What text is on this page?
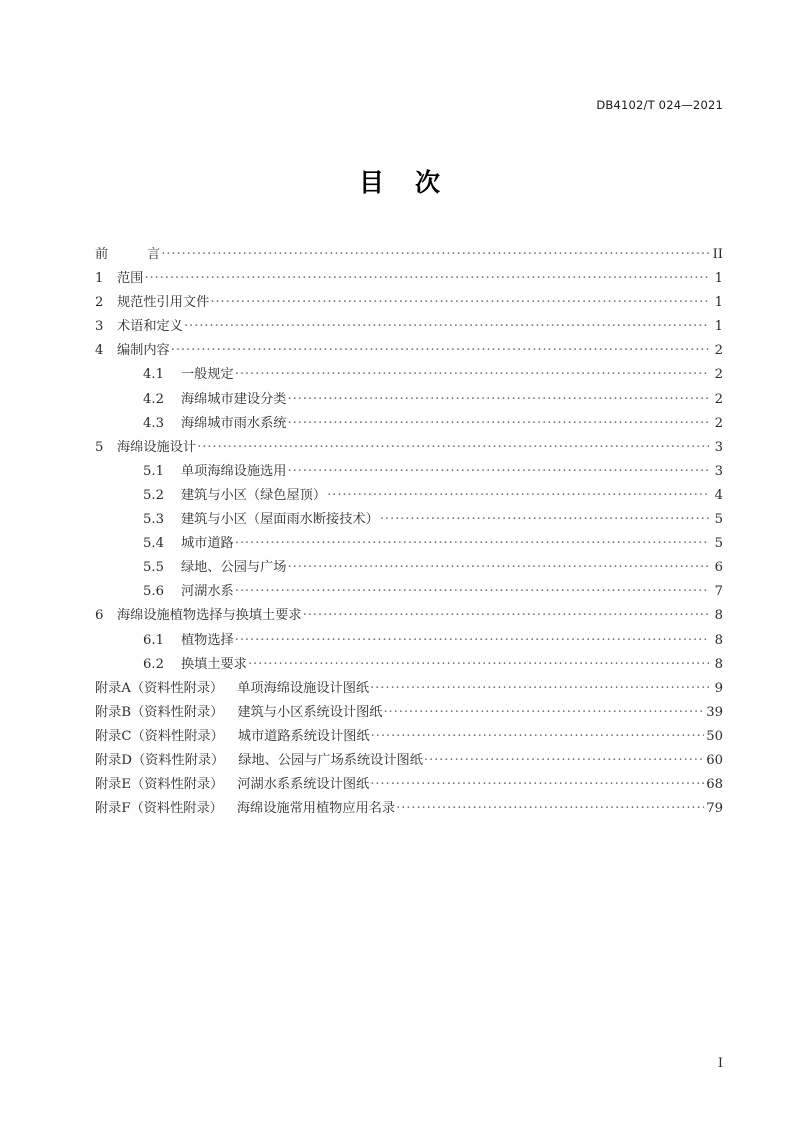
DB4102/T 024—2021
目 次
前	言 .....	II
1	范围 .....	1
2	规范性引用文件 .....	1
3	术语和定义 .....	1
4	编制内容 .....	2
4.1	一般规定 .....	2
4.2	海绵城市建设分类 .....	2
4.3	海绵城市雨水系统 .....	2
5	海绵设施设计 .....	3
5.1	单项海绵设施选用 .....	3
5.2	建筑与小区（绿色屋顶） .....	4
5.3	建筑与小区（屋面雨水断接技术） .....	5
5.4	城市道路 .....	5
5.5	绿地、公园与广场 .....	6
5.6	河湖水系 .....	7
6	海绵设施植物选择与换填土要求 .....	8
6.1	植物选择 .....	8
6.2	换填土要求 .....	8
附录A（资料性附录） 单项海绵设施设计图纸 .....	9
附录B（资料性附录） 建筑与小区系统设计图纸 .....	39
附录C（资料性附录） 城市道路系统设计图纸 .....	50
附录D（资料性附录） 绿地、公园与广场系统设计图纸 .....	60
附录E（资料性附录） 河湖水系系统设计图纸 .....	68
附录F（资料性附录） 海绵设施常用植物应用名录 .....	79
I
